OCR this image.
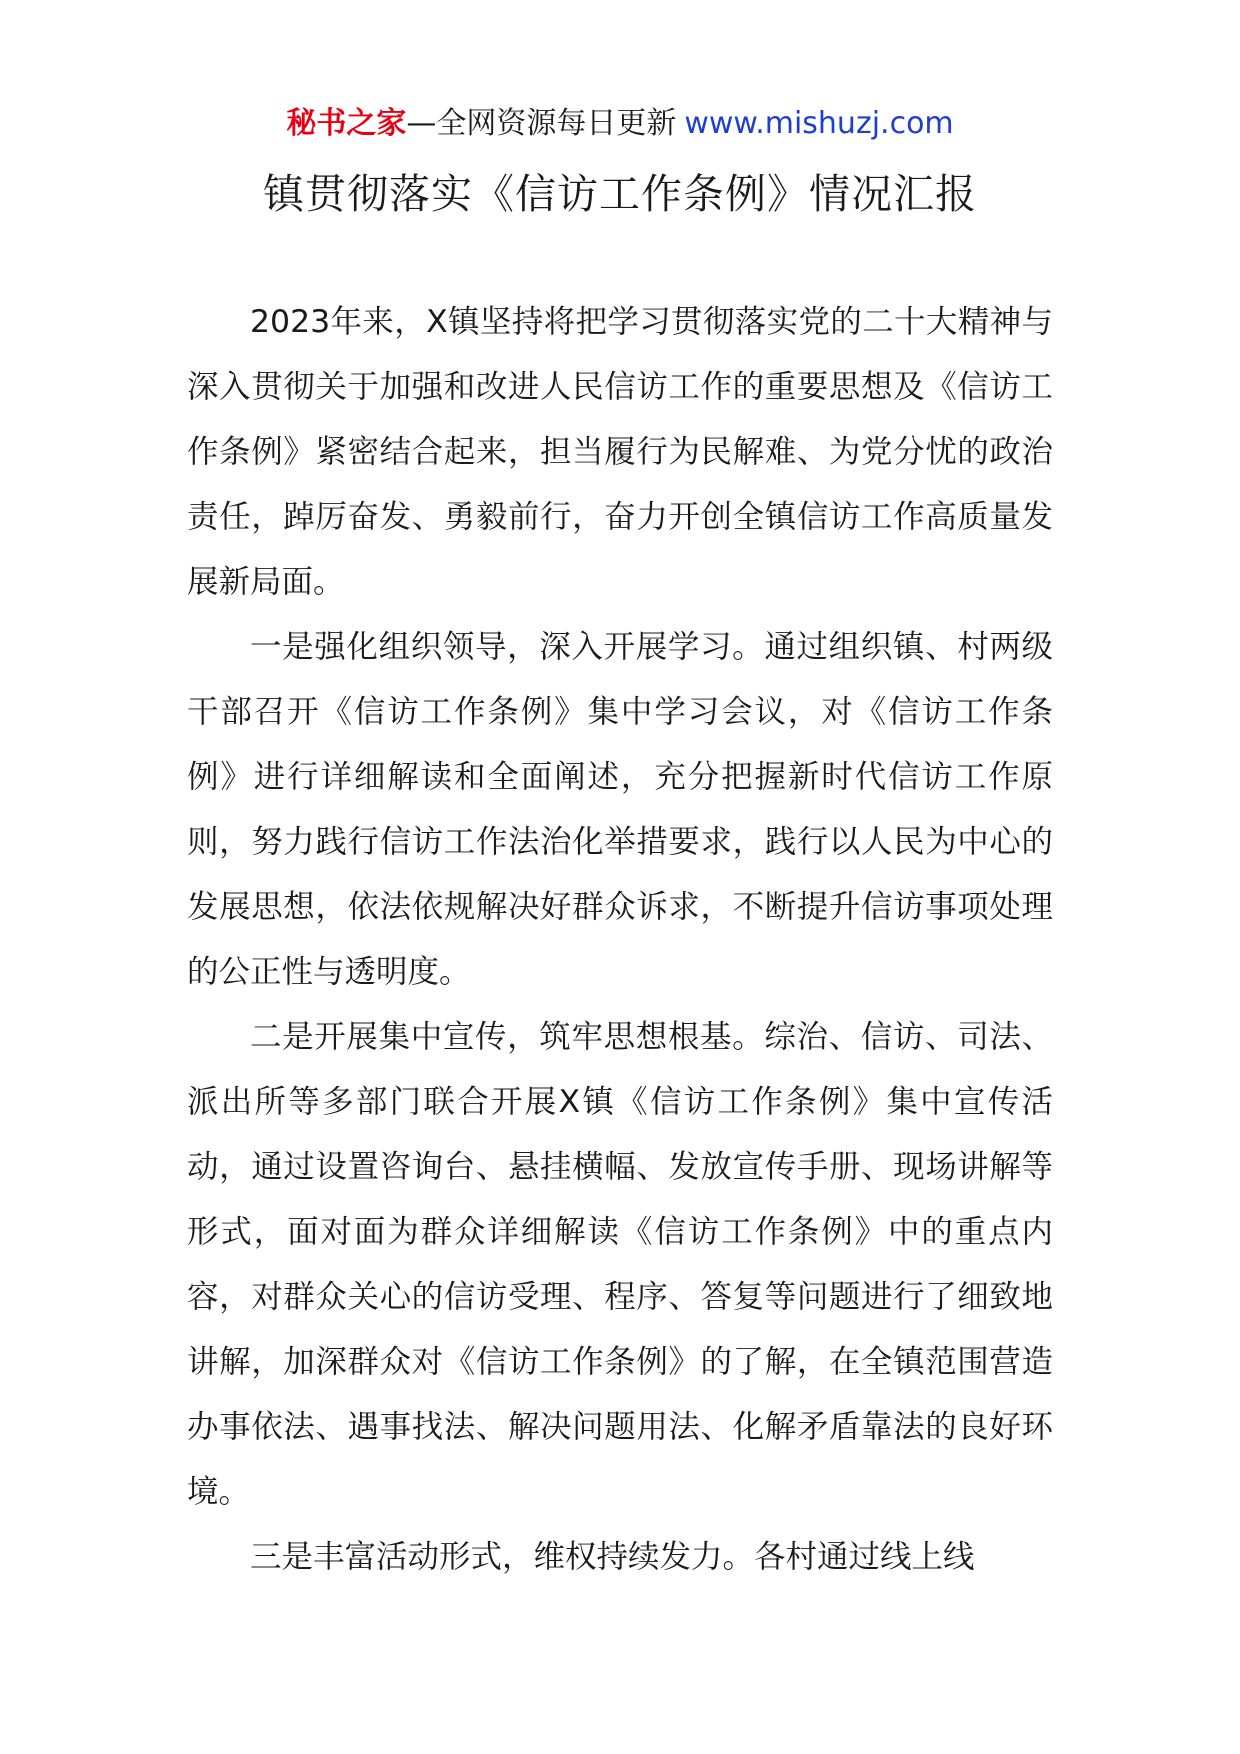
秘书之家—全网资源每日更新 www.mishuzj.com
镇贯彻落实《信访工作条例》情况汇报

2023年来，X镇坚持将把学习贯彻落实党的二十大精神与深入贯彻关于加强和改进人民信访工作的重要思想及《信访工作条例》紧密结合起来，担当履行为民解难、为党分忧的政治责任，踔厉奋发、勇毅前行，奋力开创全镇信访工作高质量发展新局面。

一是强化组织领导，深入开展学习。通过组织镇、村两级干部召开《信访工作条例》集中学习会议，对《信访工作条例》进行详细解读和全面阐述，充分把握新时代信访工作原则，努力践行信访工作法治化举措要求，践行以人民为中心的发展思想，依法依规解决好群众诉求，不断提升信访事项处理的公正性与透明度。

二是开展集中宣传，筑牢思想根基。综治、信访、司法、派出所等多部门联合开展X镇《信访工作条例》集中宣传活动，通过设置咨询台、悬挂横幅、发放宣传手册、现场讲解等形式，面对面为群众详细解读《信访工作条例》中的重点内容，对群众关心的信访受理、程序、答复等问题进行了细致地讲解，加深群众对《信访工作条例》的了解，在全镇范围营造办事依法、遇事找法、解决问题用法、化解矛盾靠法的良好环境。

三是丰富活动形式，维权持续发力。各村通过线上线
